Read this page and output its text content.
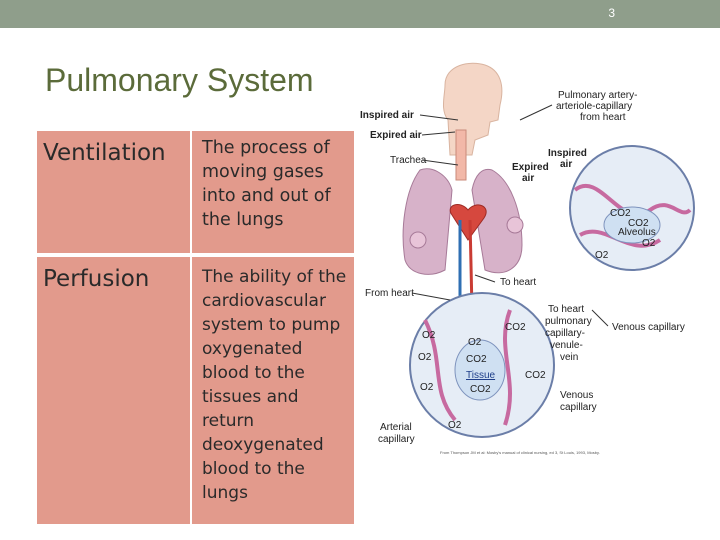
3
Pulmonary System
Ventilation The process of moving gases into and out of the lungs
Perfusion	The ability of the cardiovascular system to pump oxygenated blood to the tissues and return deoxygenated blood to the lungs
Inspired air
Expired air
Trachea
Pulmonary artery-
arteriole-capillary
from heart
Inspired
air
Expired
air
Alveolus
O2
CO2
CO2
O2
To heart
From heart
To heart
pulmonary
capillary-
venule-
vein
Venous capillary
Tissue
O2
CO2
O2
CO2
O2
CO2
CO2
O2
O2
Venous
capillary
Arterial
capillary
From Thompson JM et al: Mosby's manual of clinical nursing, ed 3, St Louis, 1993, Mosby.
